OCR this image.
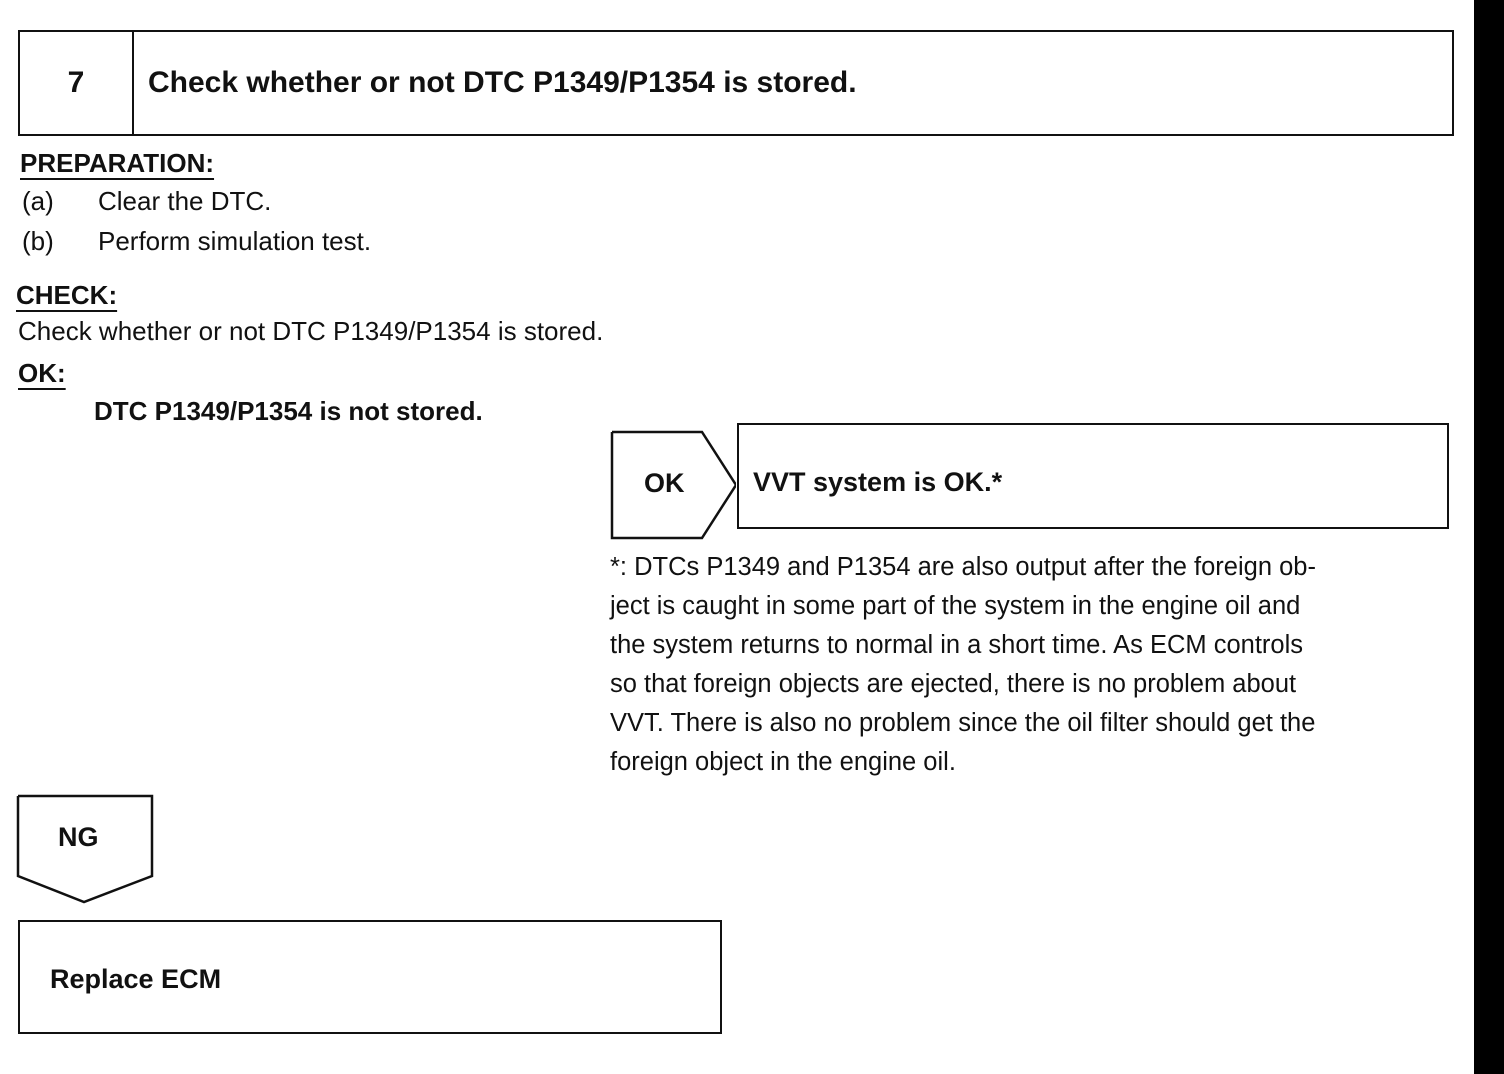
7	Check whether or not DTC P1349/P1354 is stored.
PREPARATION:
(a) Clear the DTC.
(b) Perform simulation test.
CHECK:
Check whether or not DTC P1349/P1354 is stored.
OK:
DTC P1349/P1354 is not stored.
OK	VVT system is OK.*
*: DTCs P1349 and P1354 are also output after the foreign ob-
ject is caught in some part of the system in the engine oil and
the system returns to normal in a short time. As ECM controls
so that foreign objects are ejected, there is no problem about
VVT. There is also no problem since the oil filter should get the
foreign object in the engine oil.
NG
Replace ECM
